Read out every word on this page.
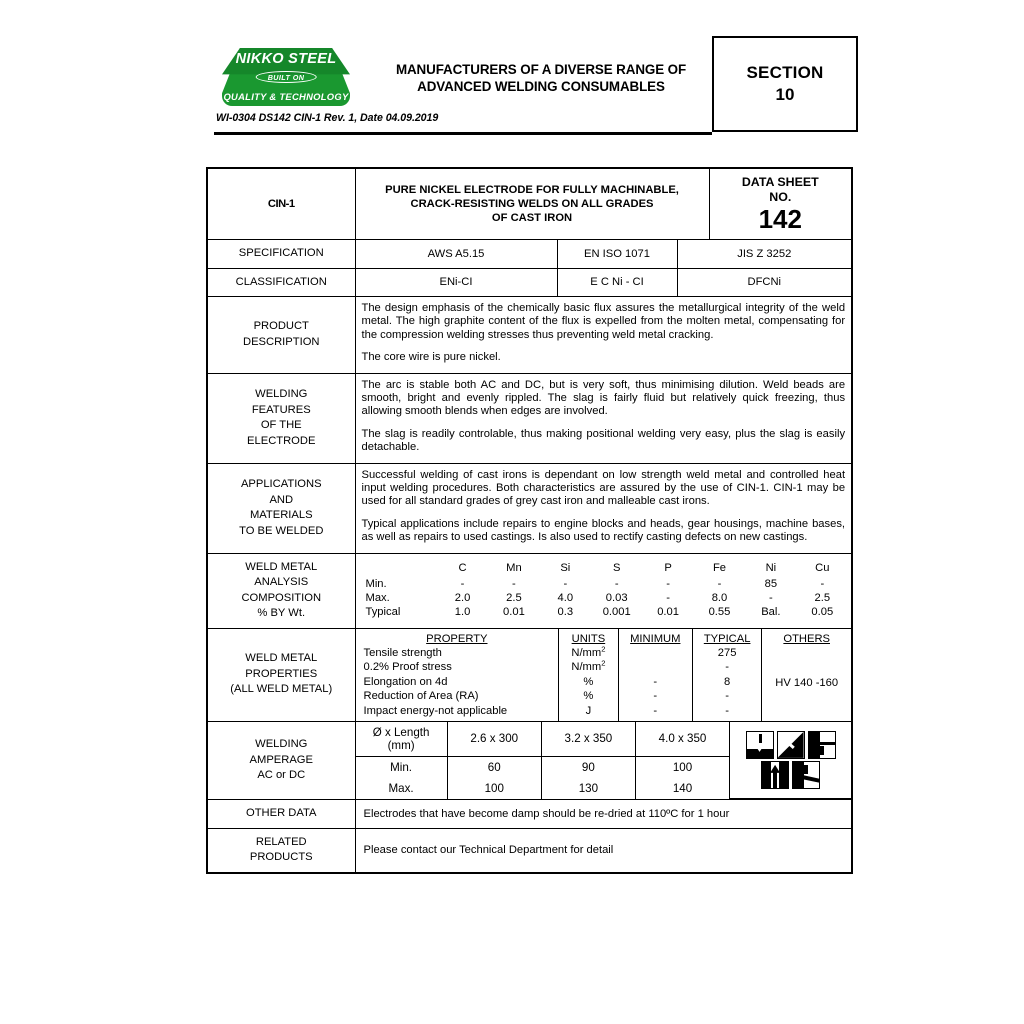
NIKKO STEEL
BUILT ON
QUALITY & TECHNOLOGY
MANUFACTURERS OF A DIVERSE RANGE OF
ADVANCED WELDING CONSUMABLES
SECTION
10
WI-0304 DS142 CIN-1 Rev. 1, Date 04.09.2019
CIN-1	
PURE NICKEL ELECTRODE FOR FULLY MACHINABLE,
CRACK-RESISTING WELDS ON ALL GRADES
OF CAST IRON

DATA SHEET
NO.
142

SPECIFICATION	AWS A5.15	EN ISO 1071	JIS Z 3252
CLASSIFICATION	ENi-CI	E C Ni - CI	DFCNi

PRODUCT
DESCRIPTION

The design emphasis of the chemically basic flux assures the metallurgical integrity of the weld metal. The high graphite content of the flux is expelled from the molten metal, compensating for the compression welding stresses thus preventing weld metal cracking.

The core wire is pure nickel.

WELDING
FEATURES
OF THE
ELECTRODE

The arc is stable both AC and DC, but is very soft, thus minimising dilution. Weld beads are smooth, bright and evenly rippled. The slag is fairly fluid but relatively quick freezing, thus allowing smooth blends when edges are involved.

The slag is readily controlable, thus making positional welding very easy, plus the slag is easily detachable.

APPLICATIONS
AND
MATERIALS
TO BE WELDED

Successful welding of cast irons is dependant on low strength weld metal and controlled heat input welding procedures. Both characteristics are assured by the use of CIN-1. CIN-1 may be used for all standard grades of grey cast iron and malleable cast irons.

Typical applications include repairs to engine blocks and heads, gear housings, machine bases, as well as repairs to used castings. Is also used to rectify casting defects on new castings.

WELD METAL
ANALYSIS
COMPOSITION
% BY Wt.

	C	Mn	Si	S	P	Fe	Ni	Cu
Min.	-	-	-	-	-	-	85	-
Max.	2.0	2.5	4.0	0.03	-	8.0	-	2.5
Typical	1.0	0.01	0.3	0.001	0.01	0.55	Bal.	0.05

WELD METAL
PROPERTIES
(ALL WELD METAL)

PROPERTY	UNITS	MINIMUM	TYPICAL	OTHERS
Tensile strength	$N/mm^2$		275	HV 140 -160
0.2% Proof stress	$N/mm^2$		-
Elongation on 4d	%	-	8
Reduction of Area (RA)	%	-	-
Impact energy-not applicable	J	-	-

WELDING
AMPERAGE
AC or DC

Ø x Length
(mm)	2.6 x 300	3.2 x 350	4.0 x 350	

Min.	60	90	100
Max.	100	130	140

OTHER DATA	Electrodes that have become damp should be re-dried at 110ºC for 1 hour

RELATED
PRODUCTS
	Please contact our Technical Department for detail
